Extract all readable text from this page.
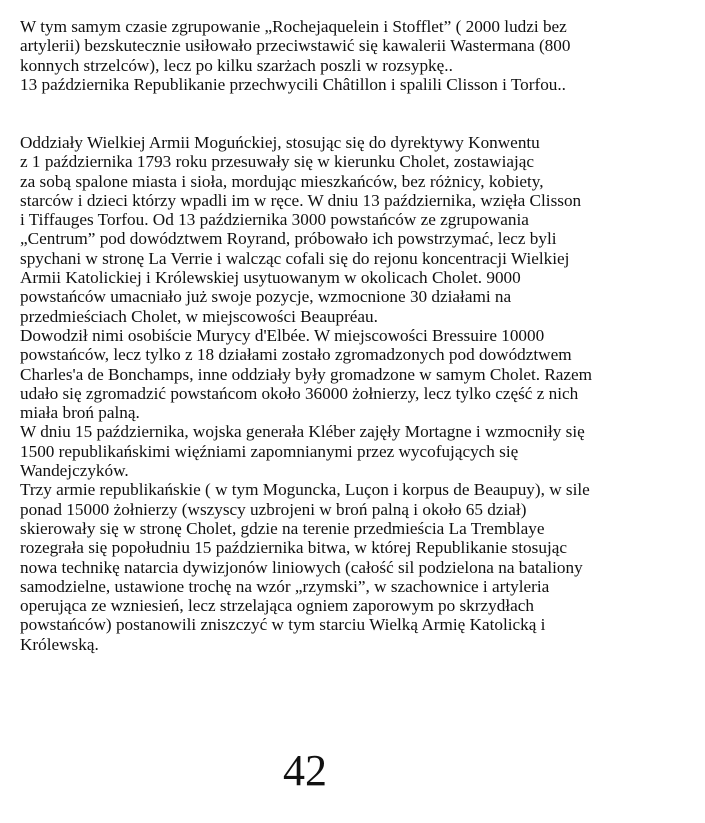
W tym samym czasie zgrupowanie „Rochejaquelein i Stofflet” ( 2000 ludzi bez
artylerii) bezskutecznie usiłowało przeciwstawić się kawalerii Wastermana (800
konnych strzelców), lecz po kilku szarżach poszli w rozsypkę..
13 października Republikanie przechwycili Châtillon i spalili Clisson i Torfou..
Oddziały Wielkiej Armii Moguńckiej, stosując się do dyrektywy Konwentu
z 1 października 1793 roku przesuwały się w kierunku Cholet, zostawiając
za sobą spalone miasta i sioła, mordując mieszkańców, bez różnicy, kobiety,
starców i dzieci którzy wpadli im w ręce. W dniu 13 października, wzięła Clisson
i Tiffauges Torfou. Od 13 października 3000 powstańców ze zgrupowania
„Centrum” pod dowództwem Royrand, próbowało ich powstrzymać, lecz byli
spychani w stronę La Verrie i walcząc cofali się do rejonu koncentracji Wielkiej
Armii Katolickiej i Królewskiej usytuowanym w okolicach Cholet. 9000
powstańców umacniało już swoje pozycje, wzmocnione 30 działami na
przedmieściach Cholet, w miejscowości Beaupréau.
Dowodził nimi osobiście Murycy d'Elbée. W miejscowości Bressuire 10000
powstańców, lecz tylko z 18 działami zostało zgromadzonych pod dowództwem
Charles'a de Bonchamps, inne oddziały były gromadzone w samym Cholet. Razem
udało się zgromadzić powstańcom około 36000 żołnierzy, lecz tylko część z nich
miała broń palną.
W dniu 15 października, wojska generała Kléber zajęły Mortagne i wzmocniły się
1500 republikańskimi więźniami zapomnianymi przez wycofujących się
Wandejczyków.
Trzy armie republikańskie ( w tym Moguncka, Luçon i korpus de Beaupuy), w sile
ponad 15000 żołnierzy (wszyscy uzbrojeni w broń palną i około 65 dział)
skierowały się w stronę Cholet, gdzie na terenie przedmieścia La Tremblaye
rozegrała się popołudniu 15 października bitwa, w której Republikanie stosując
nowa technikę natarcia dywizjonów liniowych (całość sil podzielona na bataliony
samodzielne, ustawione trochę na wzór „rzymski”, w szachownice i artyleria
operująca ze wzniesień, lecz strzelająca ogniem zaporowym po skrzydłach
powstańców) postanowili zniszczyć w tym starciu Wielką Armię Katolicką i
Królewską.
42
